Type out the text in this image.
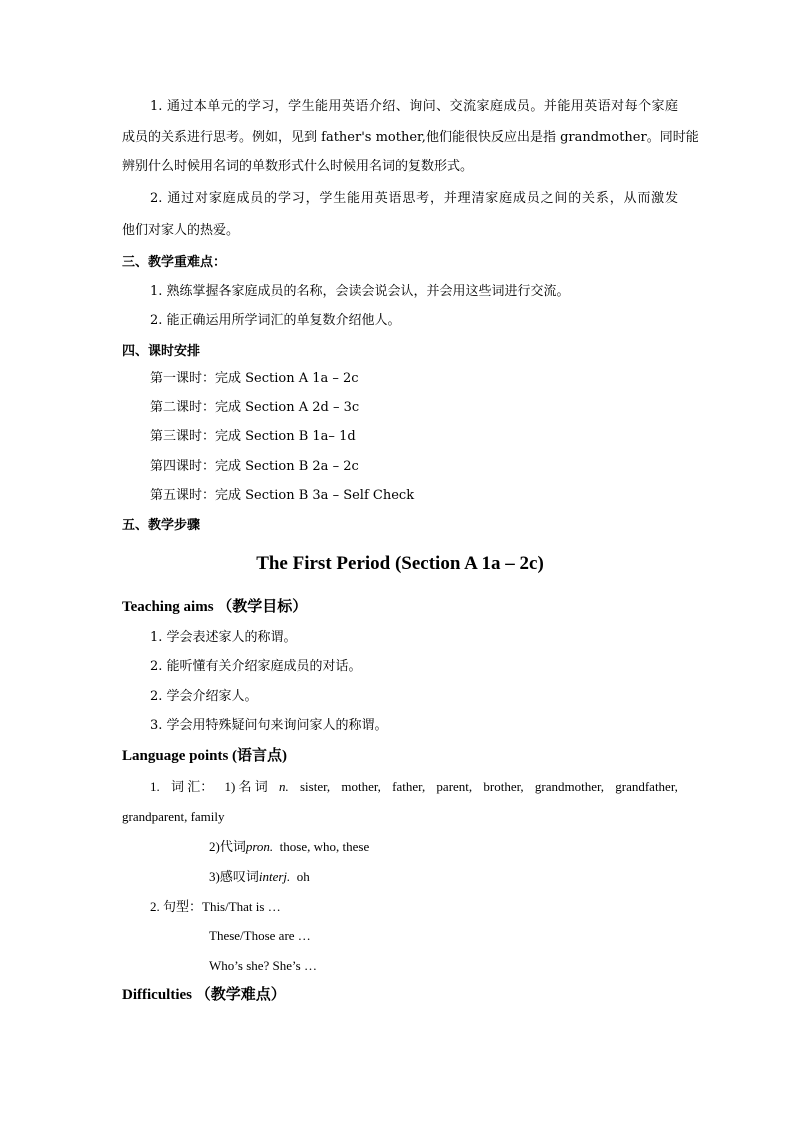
1. 通过本单元的学习，学生能用英语介绍、询问、交流家庭成员。并能用英语对每个家庭
成员的关系进行思考。例如，见到 father's mother,他们能很快反应出是指 grandmother。同时能
辨别什么时候用名词的单数形式什么时候用名词的复数形式。
2. 通过对家庭成员的学习，学生能用英语思考，并理清家庭成员之间的关系，从而激发
他们对家人的热爱。
三、教学重难点：
1. 熟练掌握各家庭成员的名称，会读会说会认，并会用这些词进行交流。
2. 能正确运用所学词汇的单复数介绍他人。
四、课时安排
第一课时：完成 Section A 1a – 2c
第二课时：完成 Section A 2d – 3c
第三课时：完成 Section B 1a– 1d
第四课时：完成 Section B 2a – 2c
第五课时：完成 Section B 3a – Self Check
五、教学步骤
The First Period (Section A 1a – 2c)
Teaching aims （教学目标）
1. 学会表述家人的称谓。
2. 能听懂有关介绍家庭成员的对话。
2. 学会介绍家人。
3. 学会用特殊疑问句来询问家人的称谓。
Language points (语言点)
1. 词 汇： 1) 名 词 n. sister, mother, father, parent, brother, grandmother, grandfather,
grandparent, family
2)代词pron. those, who, these
3)感叹词interj. oh
2. 句型：This/That is …
These/Those are …
Who’s she? She’s …
Difficulties （教学难点）
